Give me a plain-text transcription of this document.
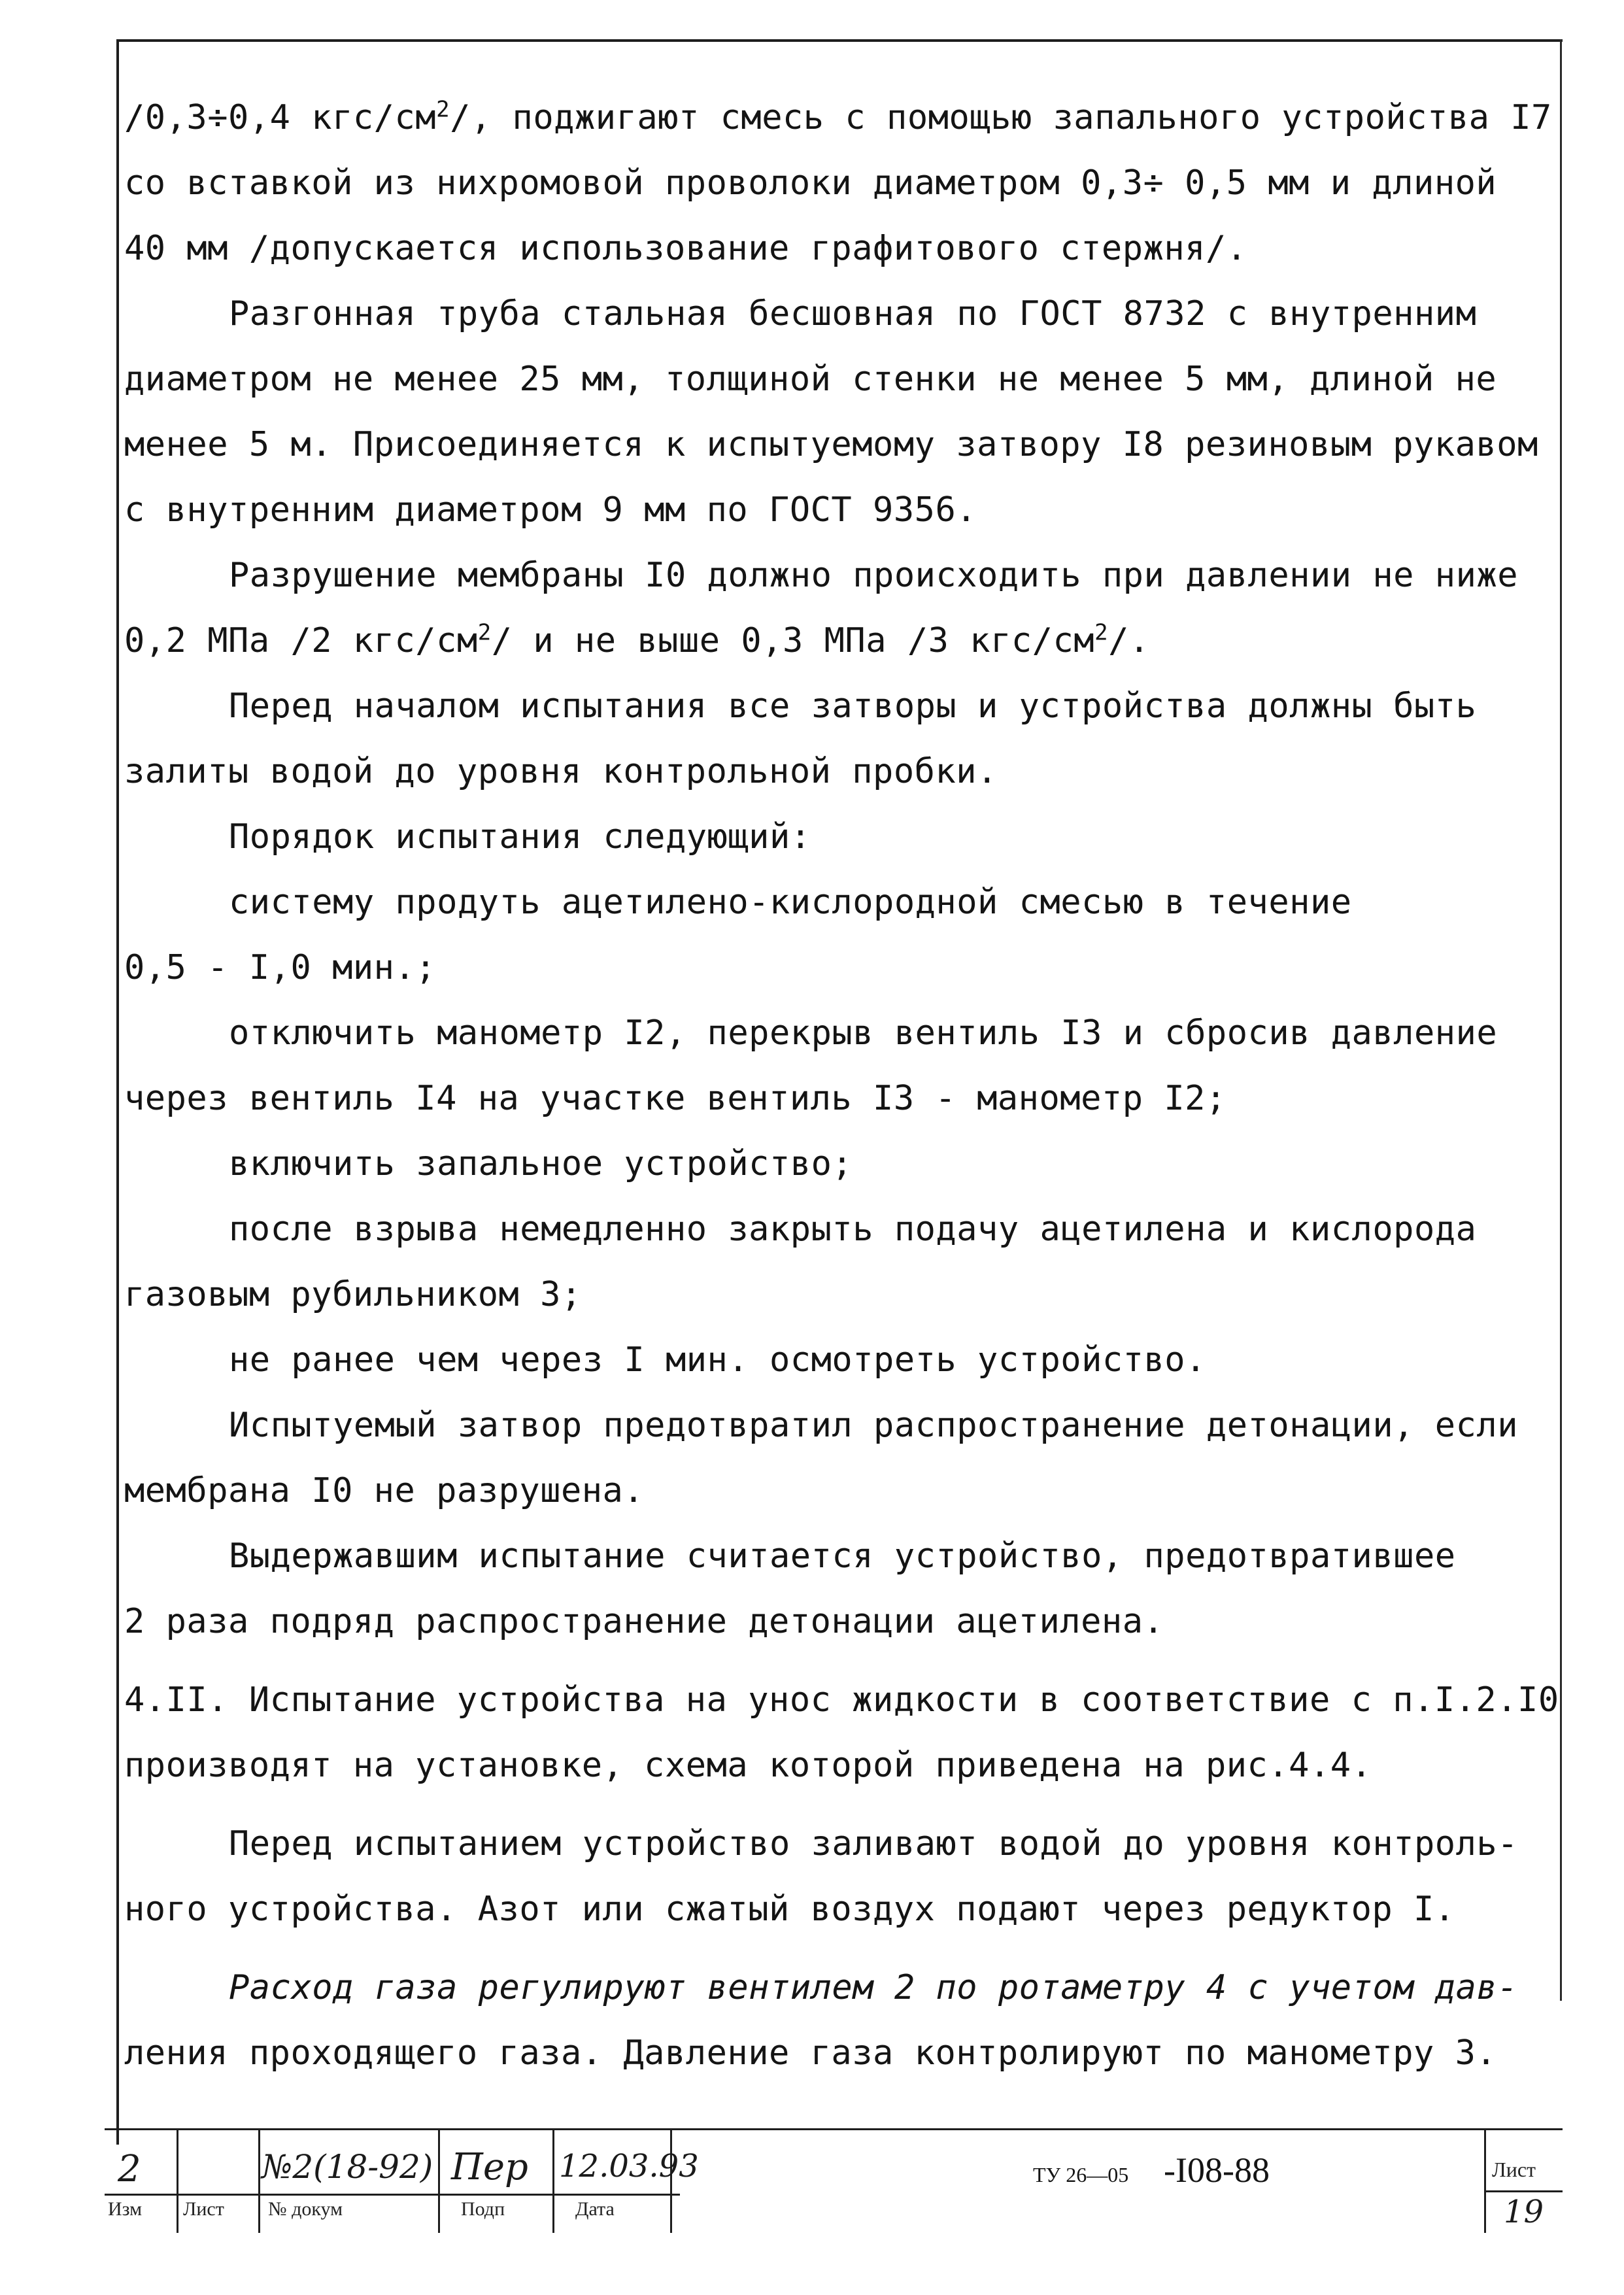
/0,3÷0,4 кгс/$см^2/$, поджигают смесь с помощью запального устройства I7
со вставкой из нихромовой проволоки диаметром 0,3÷ 0,5 мм и длиной
40 мм /допускается использование графитового стержня/.
Разгонная труба стальная бесшовная по ГОСТ 8732 с внутренним
диаметром не менее 25 мм, толщиной стенки не менее 5 мм, длиной не
менее 5 м. Присоединяется к испытуемому затвору I8 резиновым рукавом
с внутренним диаметром 9 мм по ГОСТ 9356.
Разрушение мембраны I0 должно происходить при давлении не ниже
0,2 МПа /2 кгс/$см^2/$ и не выше 0,3 МПа /3 кгс/$см^2/$.
Перед началом испытания все затворы и устройства должны быть
залиты водой до уровня контрольной пробки.
Порядок испытания следующий:
систему продуть ацетилено-кислородной смесью в течение
0,5 - I,0 мин.;
отключить манометр I2, перекрыв вентиль I3 и сбросив давление
через вентиль I4 на участке вентиль I3 - манометр I2;
включить запальное устройство;
после взрыва немедленно закрыть подачу ацетилена и кислорода
газовым рубильником 3;
не ранее чем через I мин. осмотреть устройство.
Испытуемый затвор предотвратил распространение детонации, если
мембрана I0 не разрушена.
Выдержавшим испытание считается устройство, предотвратившее
2 раза подряд распространение детонации ацетилена.
4.II. Испытание устройства на унос жидкости в соответствие с п.I.2.I0
производят на установке, схема которой приведена на рис.4.4.
Перед испытанием устройство заливают водой до уровня контроль-
ного устройства. Азот или сжатый воздух подают через редуктор I.
Расход газа регулируют вентилем 2 по ротаметру 4 с учетом дав-
ления проходящего газа. Давление газа контролируют по манометру 3.
2
Изм Лист
№2(18-92)
№ докум
Пер
Подп
12.03.93
Дата
ТУ 26—05 -I08-88	Лист
19
